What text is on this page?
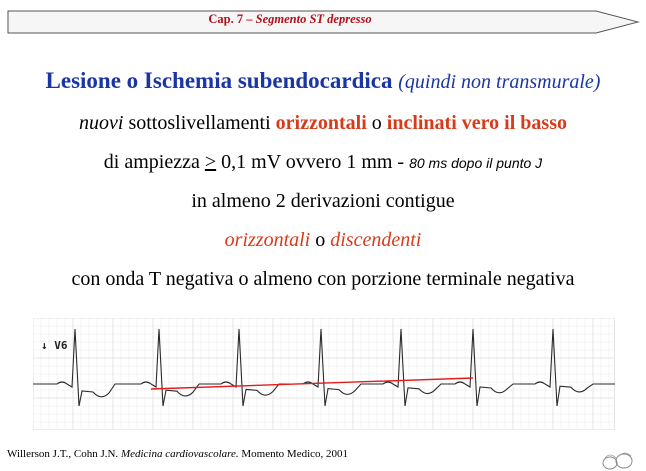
Cap. 7 – Segmento ST depresso
Lesione o Ischemia subendocardica (quindi non transmurale)
nuovi sottoslivellamenti orizzontali o inclinati vero il basso
di ampiezza ≥ 0,1 mV ovvero 1 mm - 80 ms dopo il punto J
in almeno 2 derivazioni contigue
orizzontali o discendenti
con onda T negativa o almeno con porzione terminale negativa
↓ V6
Willerson J.T., Cohn J.N. Medicina cardiovascolare. Momento Medico, 2001
